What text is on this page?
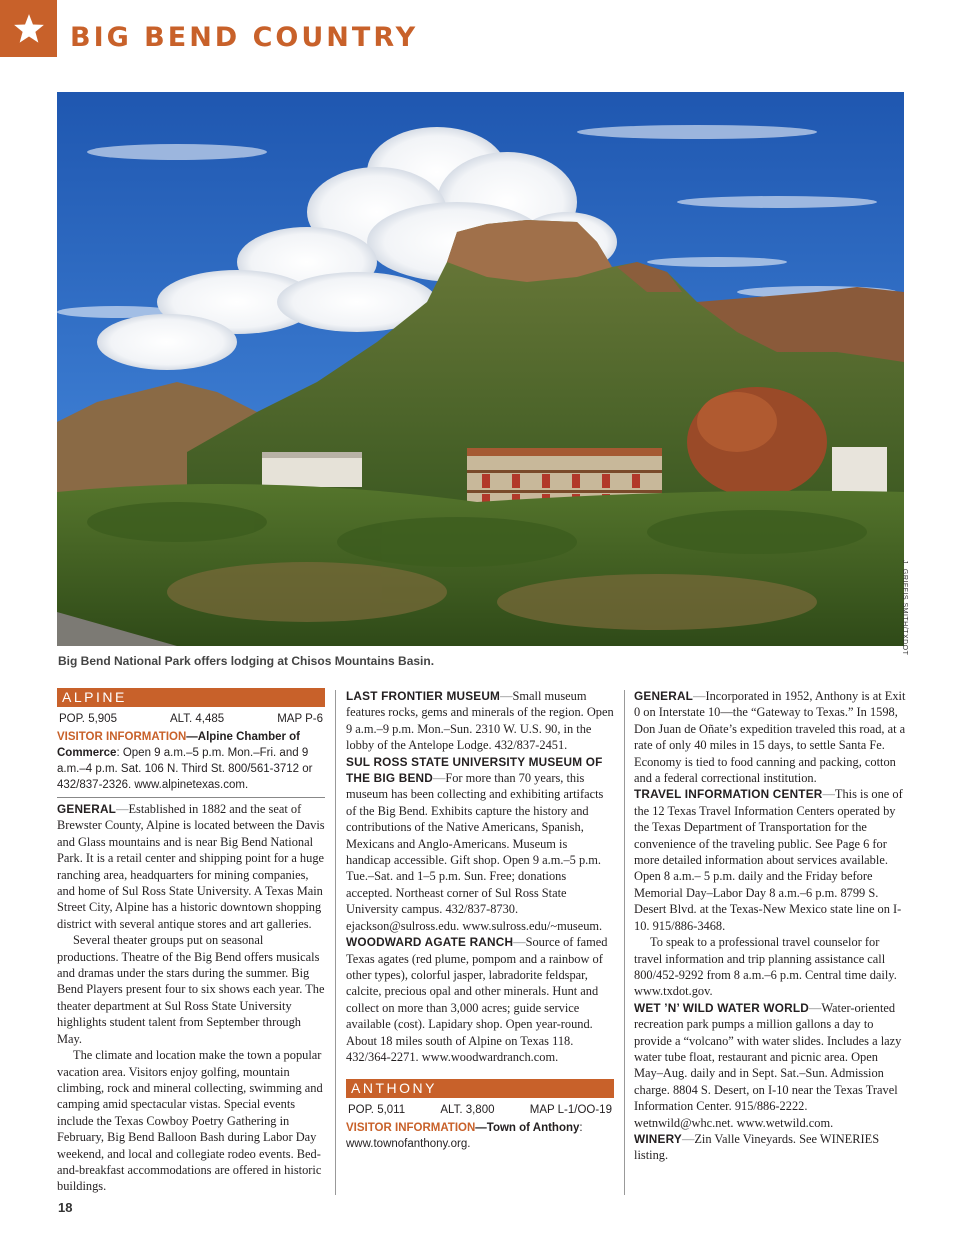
BIG BEND COUNTRY
J. GRIFFIS SMITH/TXDOT
Big Bend National Park offers lodging at Chisos Mountains Basin.
ALPINE
POP. 5,905	ALT. 4,485	MAP P-6
VISITOR INFORMATION—Alpine Chamber of Commerce: Open 9 a.m.–5 p.m. Mon.–Fri. and 9 a.m.–4 p.m. Sat. 106 N. Third St. 800/561-3712 or 432/837-2326. www.alpinetexas.com.

GENERAL—Established in 1882 and the seat of Brewster County, Alpine is located between the Davis and Glass mountains and is near Big Bend National Park. It is a retail center and shipping point for a huge ranching area, headquarters for mining companies, and home of Sul Ross State University. A Texas Main Street City, Alpine has a historic downtown shopping district with several antique stores and art galleries.

Several theater groups put on seasonal productions. Theatre of the Big Bend offers musicals and dramas under the stars during the summer. Big Bend Players present four to six shows each year. The theater department at Sul Ross State University highlights student talent from September through May.

The climate and location make the town a popular vacation area. Visitors enjoy golfing, mountain climbing, rock and mineral collecting, swimming and camping amid spectacular vistas. Special events include the Texas Cowboy Poetry Gathering in February, Big Bend Balloon Bash during Labor Day weekend, and local and collegiate rodeo events. Bed-and-breakfast accommodations are offered in historic buildings.

LAST FRONTIER MUSEUM—Small museum features rocks, gems and minerals of the region. Open 9 a.m.–9 p.m. Mon.–Sun. 2310 W. U.S. 90, in the lobby of the Antelope Lodge. 432/837-2451.

SUL ROSS STATE UNIVERSITY MUSEUM OF THE BIG BEND—For more than 70 years, this museum has been collecting and exhibiting artifacts of the Big Bend. Exhibits capture the history and contributions of the Native Americans, Spanish, Mexicans and Anglo-Americans. Museum is handicap accessible. Gift shop. Open 9 a.m.–5 p.m. Tue.–Sat. and 1–5 p.m. Sun. Free; donations accepted. Northeast corner of Sul Ross State University campus. 432/837-8730. ejackson@sulross.edu. www.sulross.edu/~museum.

WOODWARD AGATE RANCH—Source of famed Texas agates (red plume, pompom and a rainbow of other types), colorful jasper, labradorite feldspar, calcite, precious opal and other minerals. Hunt and collect on more than 3,000 acres; guide service available (cost). Lapidary shop. Open year-round. About 18 miles south of Alpine on Texas 118. 432/364-2271. www.woodwardranch.com.

ANTHONY
POP. 5,011	ALT. 3,800	MAP L-1/OO-19
VISITOR INFORMATION—Town of Anthony: www.townofanthony.org.

GENERAL—Incorporated in 1952, Anthony is at Exit 0 on Interstate 10—the “Gateway to Texas.” In 1598, Don Juan de Oñate’s expedition traveled this road, at a rate of only 40 miles in 15 days, to settle Santa Fe. Economy is tied to food canning and packing, cotton and a federal correctional institution.

TRAVEL INFORMATION CENTER—This is one of the 12 Texas Travel Information Centers operated by the Texas Department of Transportation for the convenience of the traveling public. See Page 6 for more detailed information about services available. Open 8 a.m.– 5 p.m. daily and the Friday before Memorial Day–Labor Day 8 a.m.–6 p.m. 8799 S. Desert Blvd. at the Texas-New Mexico state line on I-10. 915/886-3468.

To speak to a professional travel counselor for travel information and trip planning assistance call 800/452-9292 from 8 a.m.–6 p.m. Central time daily. www.txdot.gov.

WET ’N’ WILD WATER WORLD—Water-oriented recreation park pumps a million gallons a day to provide a “volcano” with water slides. Includes a lazy water tube float, restaurant and picnic area. Open May–Aug. daily and in Sept. Sat.–Sun. Admission charge. 8804 S. Desert, on I-10 near the Texas Travel Information Center. 915/886-2222. wetnwild@whc.net. www.wetwild.com.

WINERY—Zin Valle Vineyards. See WINERIES listing.

18
